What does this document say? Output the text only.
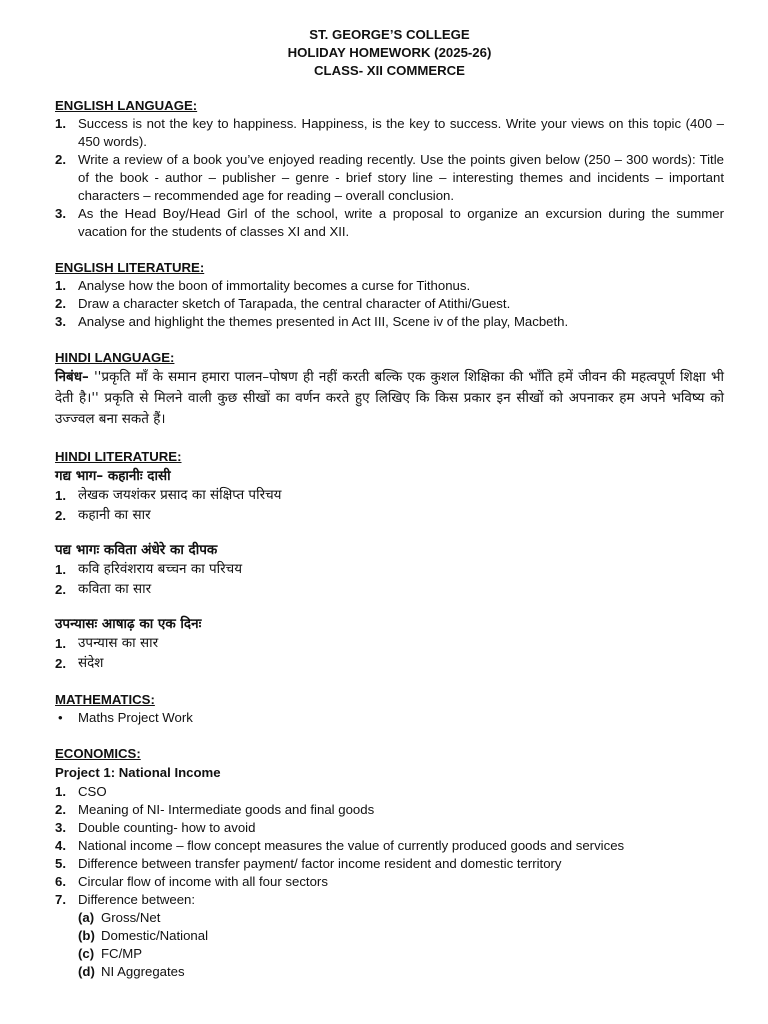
ST. GEORGE’S COLLEGE
HOLIDAY HOMEWORK (2025-26)
CLASS- XII COMMERCE
ENGLISH LANGUAGE:
1. Success is not the key to happiness. Happiness, is the key to success. Write your views on this topic (400 – 450 words).
2. Write a review of a book you’ve enjoyed reading recently. Use the points given below (250 – 300 words): Title of the book - author – publisher – genre - brief story line – interesting themes and incidents – important characters – recommended age for reading – overall conclusion.
3. As the Head Boy/Head Girl of the school, write a proposal to organize an excursion during the summer vacation for the students of classes XI and XII.
ENGLISH LITERATURE:
1. Analyse how the boon of immortality becomes a curse for Tithonus.
2. Draw a character sketch of Tarapada, the central character of Atithi/Guest.
3. Analyse and highlight the themes presented in Act III, Scene iv of the play, Macbeth.
HINDI LANGUAGE:
निबंध– ''प्रकृति माँ के समान हमारा पालन–पोषण ही नहीं करती बल्कि एक कुशल शिक्षिका की भाँति हमें जीवन की महत्वपूर्ण शिक्षा भी देती है।'' प्रकृति से मिलने वाली कुछ सीखों का वर्णन करते हुए लिखिए कि किस प्रकार इन सीखों को अपनाकर हम अपने भविष्य को उज्ज्वल बना सकते हैं।
HINDI LITERATURE:
गद्य भाग– कहानीः दासी
1. लेखक जयशंकर प्रसाद का संक्षिप्त परिचय
2. कहानी का सार
पद्य भागः कविता अंधेरे का दीपक
1. कवि हरिवंशराय बच्चन का परिचय
2. कविता का सार
उपन्यासः आषाढ़ का एक दिनः
1. उपन्यास का सार
2. संदेश
MATHEMATICS:
•	Maths Project Work
ECONOMICS:
Project 1: National Income
1. CSO
2. Meaning of NI- Intermediate goods and final goods
3. Double counting- how to avoid
4. National income – flow concept measures the value of currently produced goods and services
5. Difference between transfer payment/ factor income resident and domestic territory
6. Circular flow of income with all four sectors
7. Difference between:
(a) Gross/Net
(b) Domestic/National
(c) FC/MP
(d) NI Aggregates
